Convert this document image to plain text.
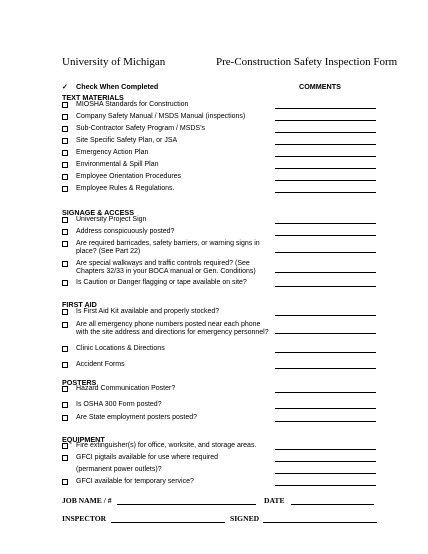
University of Michigan	Pre-Construction Safety Inspection Form
✓ Check When Completed	COMMENTS
TEXT MATERIALS
MIOSHA Standards for Construction
Company Safety Manual / MSDS Manual (inspections)
Sub-Contractor Safety Program / MSDS’s
Site Specific Safety Plan, or JSA
Emergency Action Plan
Environmental & Spill Plan
Employee Orientation Procedures
Employee Rules & Regulations.
SIGNAGE & ACCESS
University Project Sign
Address conspicuously posted?
Are required barricades, safety barriers, or warning signs in place? (See Part 22)
Are special walkways and traffic controls required? (See Chapters 32/33 in your BOCA manual or Gen. Conditions)
Is Caution or Danger flagging or tape available on site?
FIRST AID
Is First Aid Kit available and properly stocked?
Are all emergency phone numbers posted near each phone with the site address and directions for emergency personnel?
Clinic Locations & Directions
Accident Forms
POSTERS
Hazard Communication Poster?
Is OSHA 300 Form posted?
Are State employment posters posted?
EQUIPMENT
Fire extinguisher(s) for office, worksite, and storage areas.
GFCI pigtails available for use where required
(permanent power outlets)?
GFCI available for temporary service?
JOB NAME / #	DATE
INSPECTOR	SIGNED
